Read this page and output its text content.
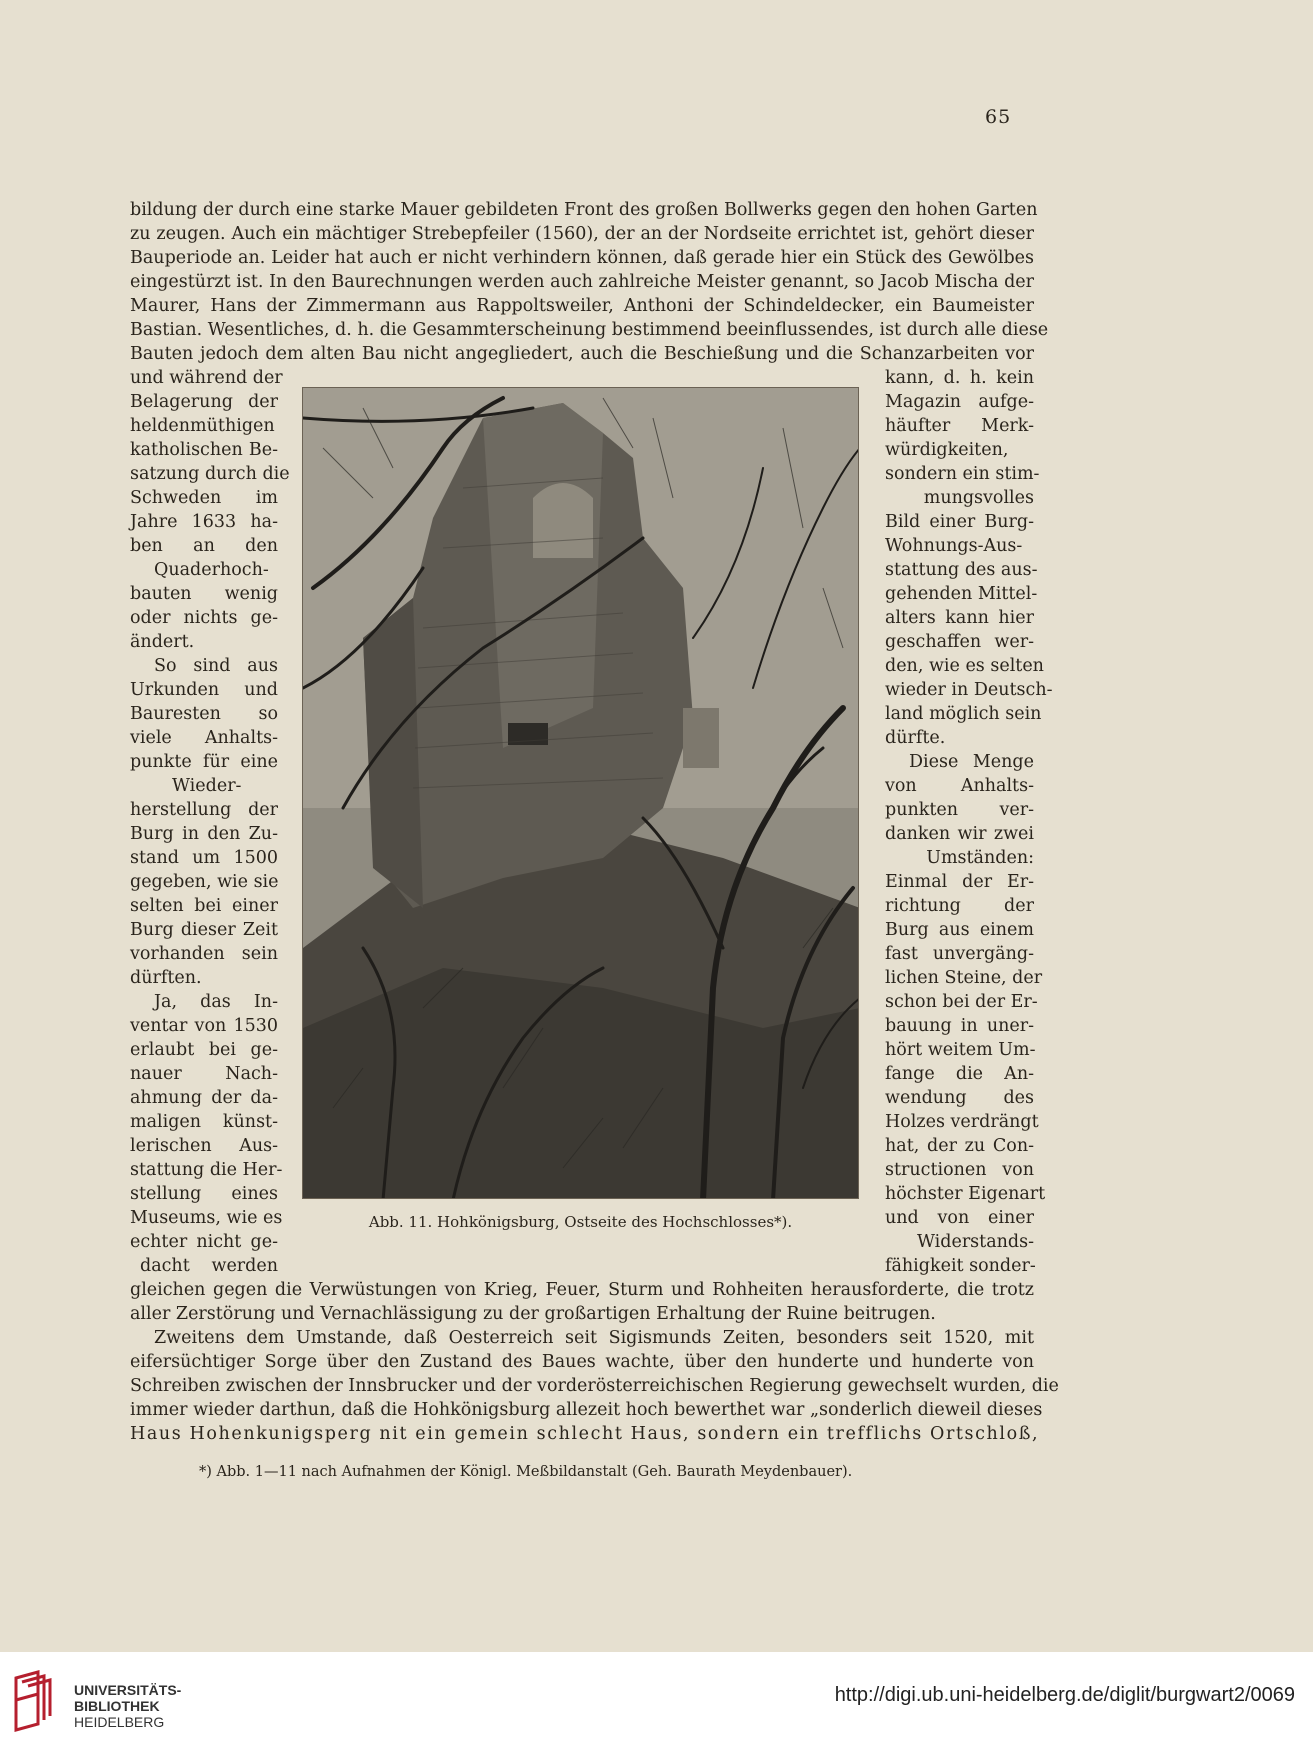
65
bildung der durch eine starke Mauer gebildeten Front des großen Bollwerks gegen den hohen Garten
zu zeugen. Auch ein mächtiger Strebepfeiler (1560), der an der Nordseite errichtet ist, gehört dieser
Bauperiode an. Leider hat auch er nicht verhindern können, daß gerade hier ein Stück des Gewölbes
eingestürzt ist. In den Baurechnungen werden auch zahlreiche Meister genannt, so Jacob Mischa der
Maurer, Hans der Zimmermann aus Rappoltsweiler, Anthoni der Schindeldecker, ein Baumeister
Bastian. Wesentliches, d. h. die Gesammterscheinung bestimmend beeinflussendes, ist durch alle diese
Bauten jedoch dem alten Bau nicht angegliedert, auch die Beschießung und die Schanzarbeiten vor
und während der
Belagerung der
heldenmüthigen
katholischen Be-
satzung durch die
Schweden im
Jahre 1633 ha-
ben an den
Quaderhoch-
bauten wenig
oder nichts ge-
ändert.
So sind aus
Urkunden und
Bauresten so
viele Anhalts-
punkte für eine
Wieder-
herstellung der
Burg in den Zu-
stand um 1500
gegeben, wie sie
selten bei einer
Burg dieser Zeit
vorhanden sein
dürften.
Ja, das In-
ventar von 1530
erlaubt bei ge-
nauer Nach-
ahmung der da-
maligen künst-
lerischen Aus-
stattung die Her-
stellung eines
Museums, wie es
echter nicht ge-
dacht werden
kann, d. h. kein
Magazin aufge-
häufter Merk-
würdigkeiten,
sondern ein stim-
mungsvolles
Bild einer Burg-
Wohnungs-Aus-
stattung des aus-
gehenden Mittel-
alters kann hier
geschaffen wer-
den, wie es selten
wieder in Deutsch-
land möglich sein
dürfte.
Diese Menge
von Anhalts-
punkten ver-
danken wir zwei
Umständen:
Einmal der Er-
richtung der
Burg aus einem
fast unvergäng-
lichen Steine, der
schon bei der Er-
bauung in uner-
hört weitem Um-
fange die An-
wendung des
Holzes verdrängt
hat, der zu Con-
structionen von
höchster Eigenart
und von einer
Widerstands-
fähigkeit sonder-
Abb. 11. Hohkönigsburg, Ostseite des Hochschlosses*).
gleichen gegen die Verwüstungen von Krieg, Feuer, Sturm und Rohheiten herausforderte, die trotz
aller Zerstörung und Vernachlässigung zu der großartigen Erhaltung der Ruine beitrugen.
Zweitens dem Umstande, daß Oesterreich seit Sigismunds Zeiten, besonders seit 1520, mit
eifersüchtiger Sorge über den Zustand des Baues wachte, über den hunderte und hunderte von
Schreiben zwischen der Innsbrucker und der vorderösterreichischen Regierung gewechselt wurden, die
immer wieder darthun, daß die Hohkönigsburg allezeit hoch bewerthet war „sonderlich dieweil dieses
Haus Hohenkunigsperg nit ein gemein schlecht Haus, sondern ein trefflichs Ortschloß,
*) Abb. 1—11 nach Aufnahmen der Königl. Meßbildanstalt (Geh. Baurath Meydenbauer).
UNIVERSITÄTS-
BIBLIOTHEK
HEIDELBERG
http://digi.ub.uni-heidelberg.de/diglit/burgwart2/0069
